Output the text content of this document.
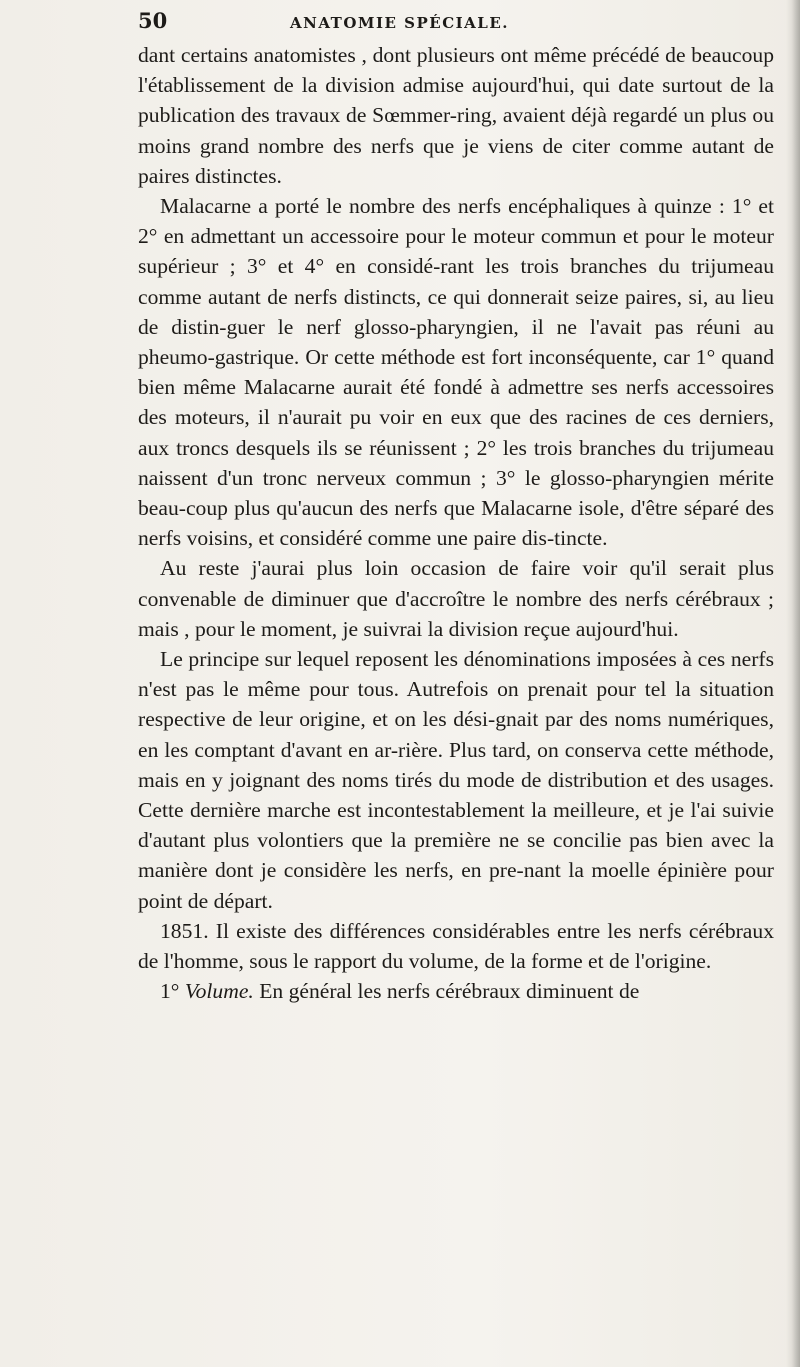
50	ANATOMIE SPÉCIALE.

dant certains anatomistes , dont plusieurs ont même précédé de beaucoup l'établissement de la division admise aujourd'hui, qui date surtout de la publication des travaux de Sœmmer-ring, avaient déjà regardé un plus ou moins grand nombre des nerfs que je viens de citer comme autant de paires distinctes.

Malacarne a porté le nombre des nerfs encéphaliques à quinze : 1° et 2° en admettant un accessoire pour le moteur commun et pour le moteur supérieur ; 3° et 4° en considé-rant les trois branches du trijumeau comme autant de nerfs distincts, ce qui donnerait seize paires, si, au lieu de distin-guer le nerf glosso-pharyngien, il ne l'avait pas réuni au pheumo-gastrique. Or cette méthode est fort inconséquente, car 1° quand bien même Malacarne aurait été fondé à admettre ses nerfs accessoires des moteurs, il n'aurait pu voir en eux que des racines de ces derniers, aux troncs desquels ils se réunissent ; 2° les trois branches du trijumeau naissent d'un tronc nerveux commun ; 3° le glosso-pharyngien mérite beau-coup plus qu'aucun des nerfs que Malacarne isole, d'être séparé des nerfs voisins, et considéré comme une paire dis-tincte.

Au reste j'aurai plus loin occasion de faire voir qu'il serait plus convenable de diminuer que d'accroître le nombre des nerfs cérébraux ; mais , pour le moment, je suivrai la division reçue aujourd'hui.

Le principe sur lequel reposent les dénominations imposées à ces nerfs n'est pas le même pour tous. Autrefois on prenait pour tel la situation respective de leur origine, et on les dési-gnait par des noms numériques, en les comptant d'avant en ar-rière. Plus tard, on conserva cette méthode, mais en y joignant des noms tirés du mode de distribution et des usages. Cette dernière marche est incontestablement la meilleure, et je l'ai suivie d'autant plus volontiers que la première ne se concilie pas bien avec la manière dont je considère les nerfs, en pre-nant la moelle épinière pour point de départ.

1851. Il existe des différences considérables entre les nerfs cérébraux de l'homme, sous le rapport du volume, de la forme et de l'origine.

1° Volume. En général les nerfs cérébraux diminuent de
